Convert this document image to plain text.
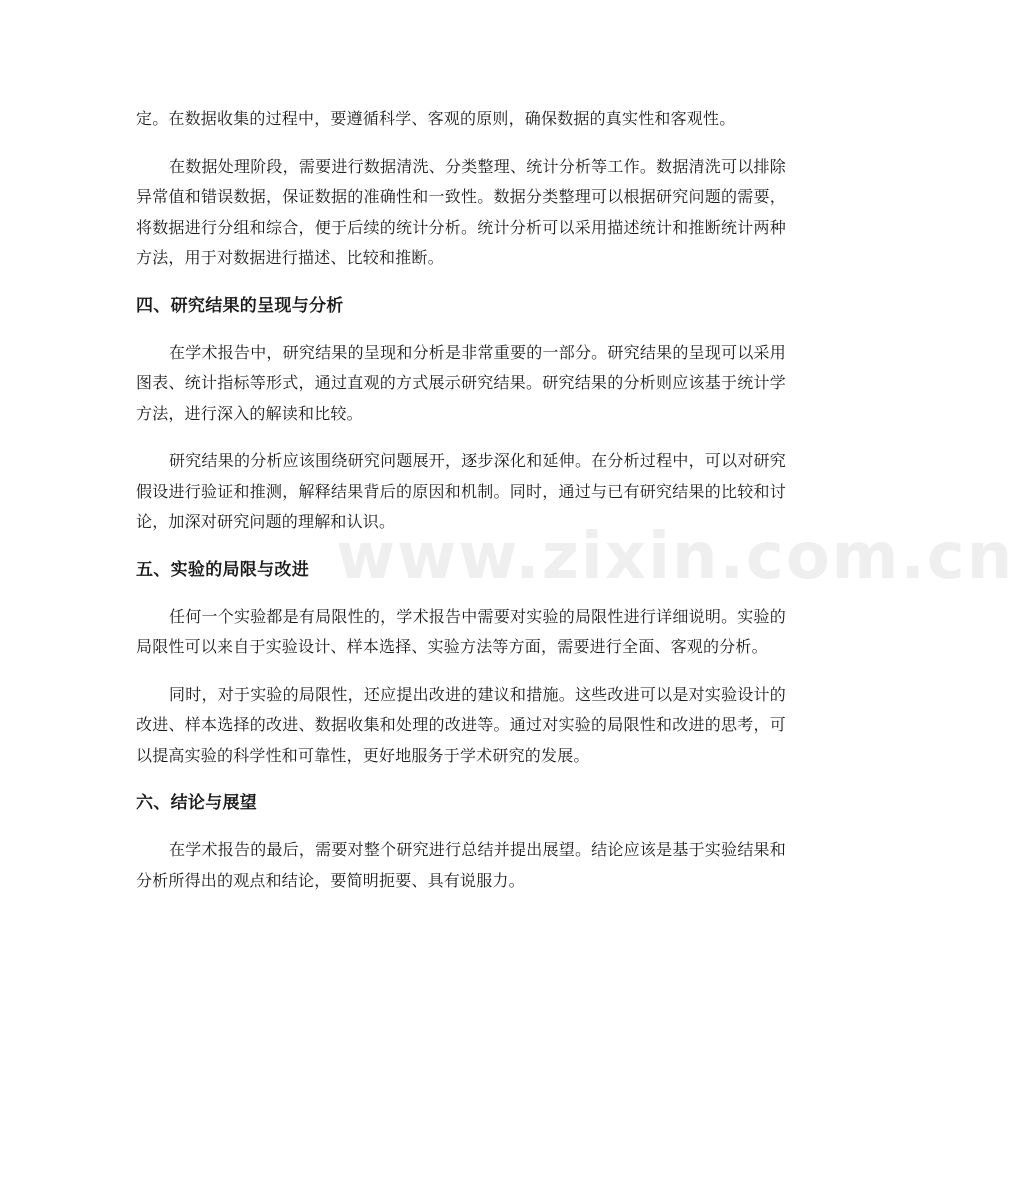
www.zixin.com.cn

定。在数据收集的过程中，要遵循科学、客观的原则，确保数据的真实性和客观性。

在数据处理阶段，需要进行数据清洗、分类整理、统计分析等工作。数据清洗可以排除异常值和错误数据，保证数据的准确性和一致性。数据分类整理可以根据研究问题的需要，将数据进行分组和综合，便于后续的统计分析。统计分析可以采用描述统计和推断统计两种方法，用于对数据进行描述、比较和推断。

四、研究结果的呈现与分析

在学术报告中，研究结果的呈现和分析是非常重要的一部分。研究结果的呈现可以采用图表、统计指标等形式，通过直观的方式展示研究结果。研究结果的分析则应该基于统计学方法，进行深入的解读和比较。

研究结果的分析应该围绕研究问题展开，逐步深化和延伸。在分析过程中，可以对研究假设进行验证和推测，解释结果背后的原因和机制。同时，通过与已有研究结果的比较和讨论，加深对研究问题的理解和认识。

五、实验的局限与改进

任何一个实验都是有局限性的，学术报告中需要对实验的局限性进行详细说明。实验的局限性可以来自于实验设计、样本选择、实验方法等方面，需要进行全面、客观的分析。

同时，对于实验的局限性，还应提出改进的建议和措施。这些改进可以是对实验设计的改进、样本选择的改进、数据收集和处理的改进等。通过对实验的局限性和改进的思考，可以提高实验的科学性和可靠性，更好地服务于学术研究的发展。

六、结论与展望

在学术报告的最后，需要对整个研究进行总结并提出展望。结论应该是基于实验结果和分析所得出的观点和结论，要简明扼要、具有说服力。
